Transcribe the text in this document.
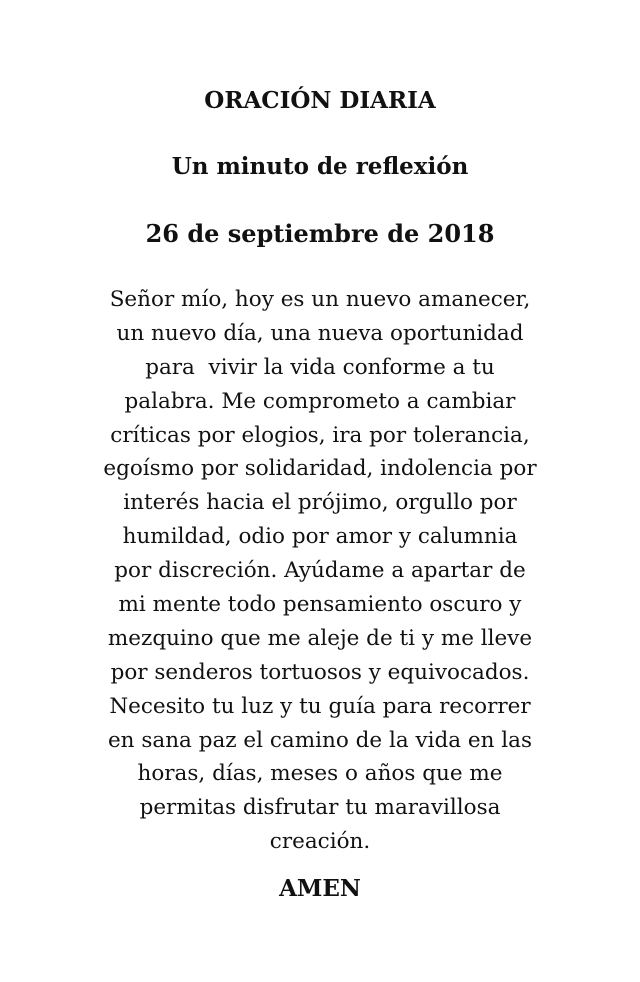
ORACIÓN DIARIA
Un minuto de reflexión
26 de septiembre de 2018
Señor mío, hoy es un nuevo amanecer,
un nuevo día, una nueva oportunidad
para  vivir la vida conforme a tu
palabra. Me comprometo a cambiar
críticas por elogios, ira por tolerancia,
egoísmo por solidaridad, indolencia por
interés hacia el prójimo, orgullo por
humildad, odio por amor y calumnia
por discreción. Ayúdame a apartar de
mi mente todo pensamiento oscuro y
mezquino que me aleje de ti y me lleve
por senderos tortuosos y equivocados.
Necesito tu luz y tu guía para recorrer
en sana paz el camino de la vida en las
horas, días, meses o años que me
permitas disfrutar tu maravillosa
creación.
AMEN
